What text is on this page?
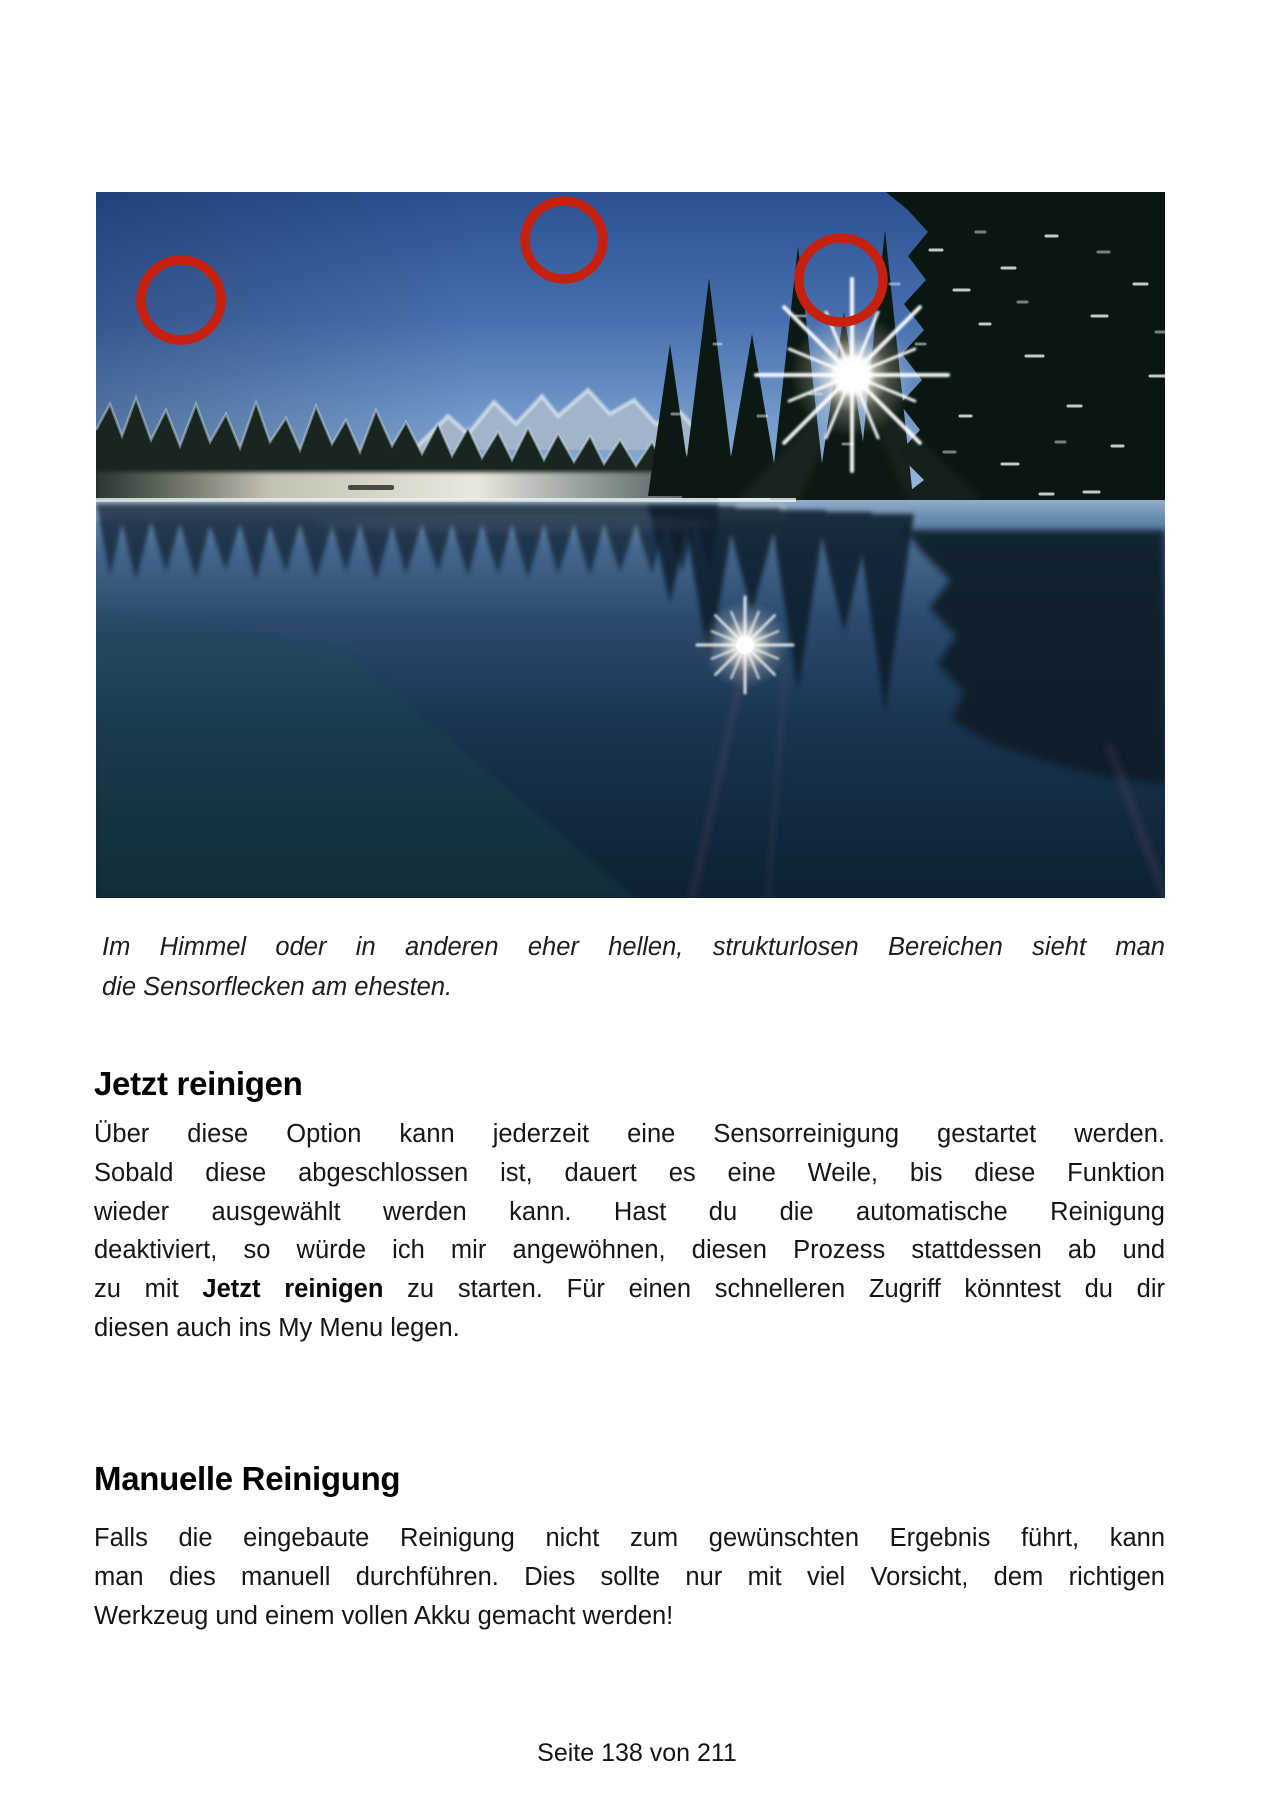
Im Himmel oder in anderen eher hellen, strukturlosen Bereichen sieht man
die Sensorflecken am ehesten.
Jetzt reinigen
Über diese Option kann jederzeit eine Sensorreinigung gestartet werden.
Sobald diese abgeschlossen ist, dauert es eine Weile, bis diese Funktion
wieder ausgewählt werden kann. Hast du die automatische Reinigung
deaktiviert, so würde ich mir angewöhnen, diesen Prozess stattdessen ab und
zu mit Jetzt reinigen zu starten. Für einen schnelleren Zugriff könntest du dir
diesen auch ins My Menu legen.
Manuelle Reinigung
Falls die eingebaute Reinigung nicht zum gewünschten Ergebnis führt, kann
man dies manuell durchführen. Dies sollte nur mit viel Vorsicht, dem richtigen
Werkzeug und einem vollen Akku gemacht werden!
Seite 138 von 211
